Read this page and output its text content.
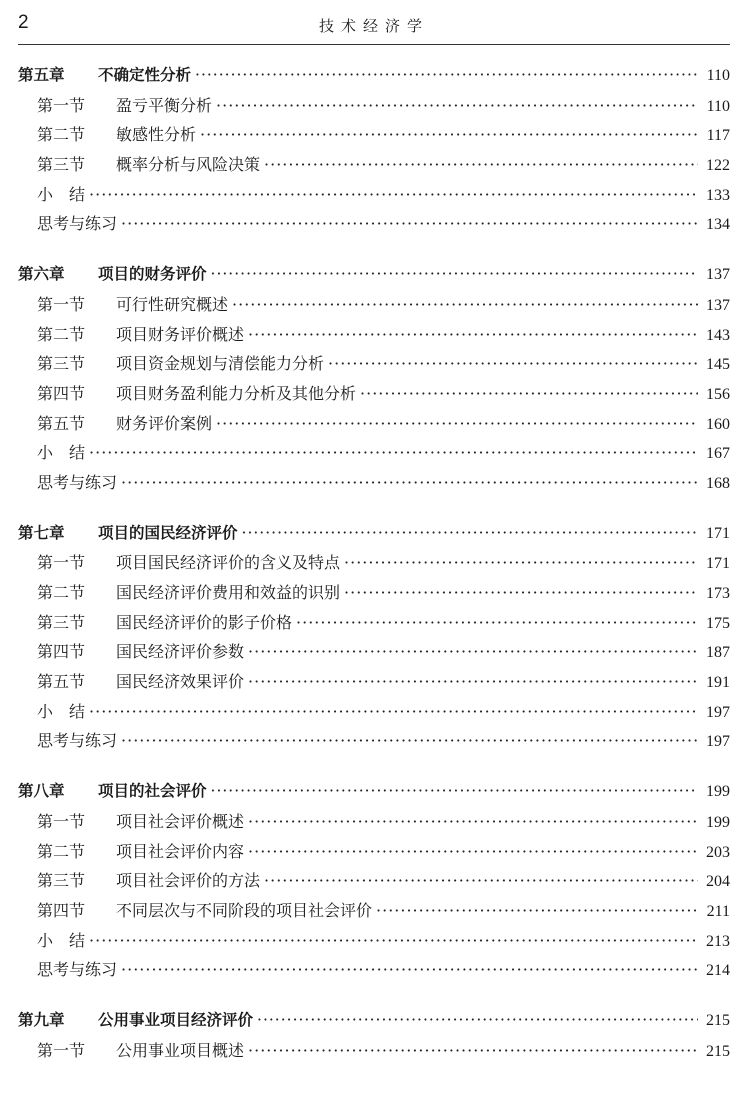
2	技术经济学
第五章	不确定性分析 ·····	110
第一节	盈亏平衡分析 ·····	110
第二节	敏感性分析 ·····	117
第三节	概率分析与风险决策 ·····	122
小　结 ·····	133
思考与练习 ·····	134
第六章	项目的财务评价 ·····	137
第一节	可行性研究概述 ·····	137
第二节	项目财务评价概述 ·····	143
第三节	项目资金规划与清偿能力分析 ·····	145
第四节	项目财务盈利能力分析及其他分析 ·····	156
第五节	财务评价案例 ·····	160
小　结 ·····	167
思考与练习 ·····	168
第七章	项目的国民经济评价 ·····	171
第一节	项目国民经济评价的含义及特点 ·····	171
第二节	国民经济评价费用和效益的识别 ·····	173
第三节	国民经济评价的影子价格 ·····	175
第四节	国民经济评价参数 ·····	187
第五节	国民经济效果评价 ·····	191
小　结 ·····	197
思考与练习 ·····	197
第八章	项目的社会评价 ·····	199
第一节	项目社会评价概述 ·····	199
第二节	项目社会评价内容 ·····	203
第三节	项目社会评价的方法 ·····	204
第四节	不同层次与不同阶段的项目社会评价 ·····	211
小　结 ·····	213
思考与练习 ·····	214
第九章	公用事业项目经济评价 ·····	215
第一节	公用事业项目概述 ·····	215
